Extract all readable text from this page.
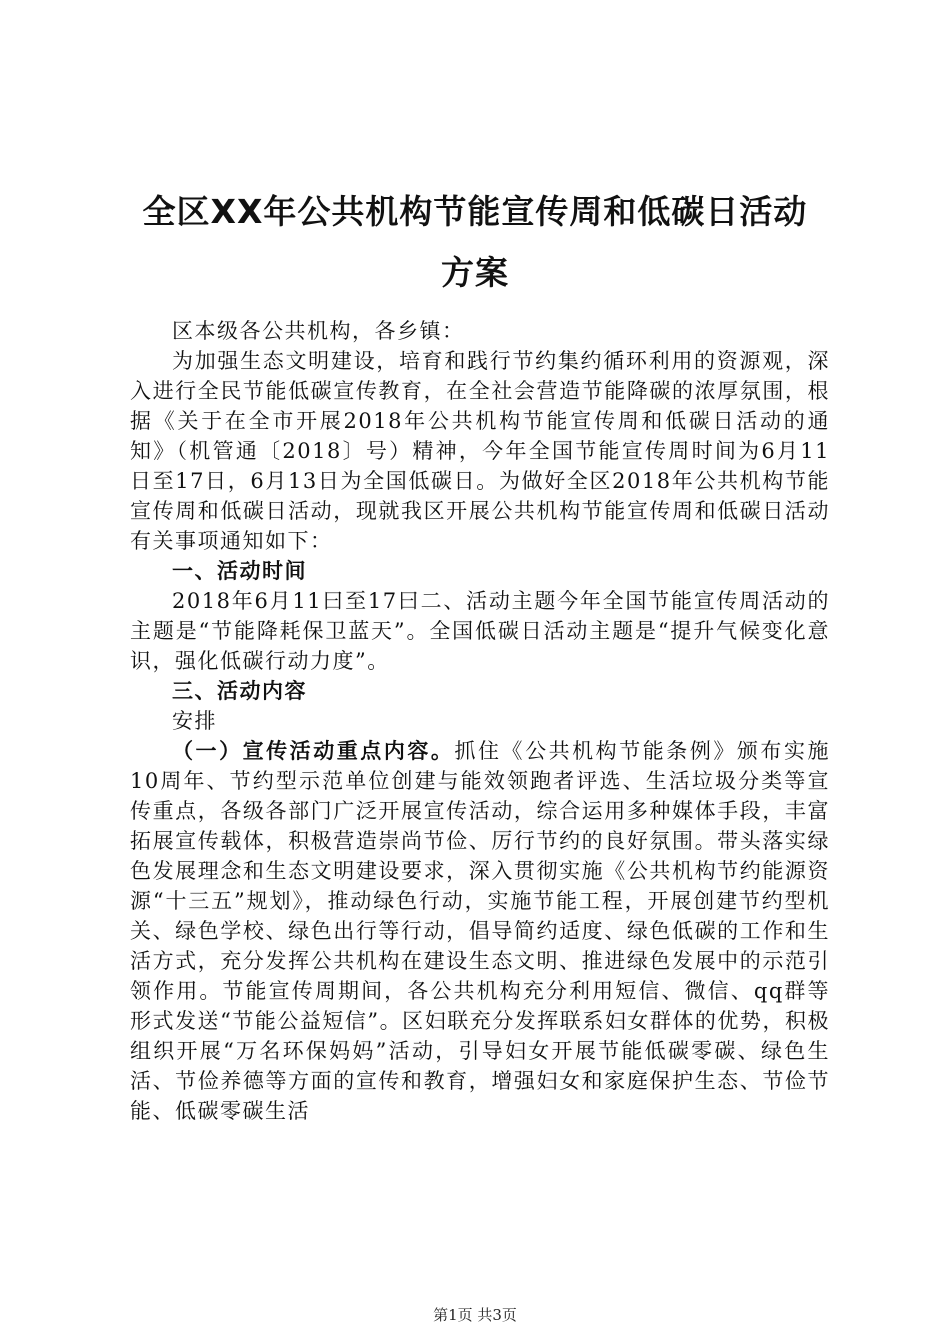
全区XX年公共机构节能宣传周和低碳日活动
方案

区本级各公共机构，各乡镇：

为加强生态文明建设，培育和践行节约集约循环利用的资源观，深入进行全民节能低碳宣传教育，在全社会营造节能降碳的浓厚氛围，根据《关于在全市开展2018年公共机构节能宣传周和低碳日活动的通知》（机管通〔2018〕号）精神，今年全国节能宣传周时间为6月11日至17日，6月13日为全国低碳日。为做好全区2018年公共机构节能宣传周和低碳日活动，现就我区开展公共机构节能宣传周和低碳日活动有关事项通知如下：

一、活动时间

2018年6月11曰至17曰二、活动主题今年全国节能宣传周活动的主题是“节能降耗保卫蓝天”。全国低碳日活动主题是“提升气候变化意识，强化低碳行动力度”。

三、活动内容

安排

（一）宣传活动重点内容。抓住《公共机构节能条例》颁布实施10周年、节约型示范单位创建与能效领跑者评选、生活垃圾分类等宣传重点，各级各部门广泛开展宣传活动，综合运用多种媒体手段，丰富拓展宣传载体，积极营造崇尚节俭、厉行节约的良好氛围。带头落实绿色发展理念和生态文明建设要求，深入贯彻实施《公共机构节约能源资源“十三五”规划》，推动绿色行动，实施节能工程，开展创建节约型机关、绿色学校、绿色出行等行动，倡导简约适度、绿色低碳的工作和生活方式，充分发挥公共机构在建设生态文明、推进绿色发展中的示范引领作用。节能宣传周期间，各公共机构充分利用短信、微信、qq群等形式发送“节能公益短信”。区妇联充分发挥联系妇女群体的优势，积极组织开展“万名环保妈妈”活动，引导妇女开展节能低碳零碳、绿色生活、节俭养德等方面的宣传和教育，增强妇女和家庭保护生态、节俭节能、低碳零碳生活

第1页 共3页
